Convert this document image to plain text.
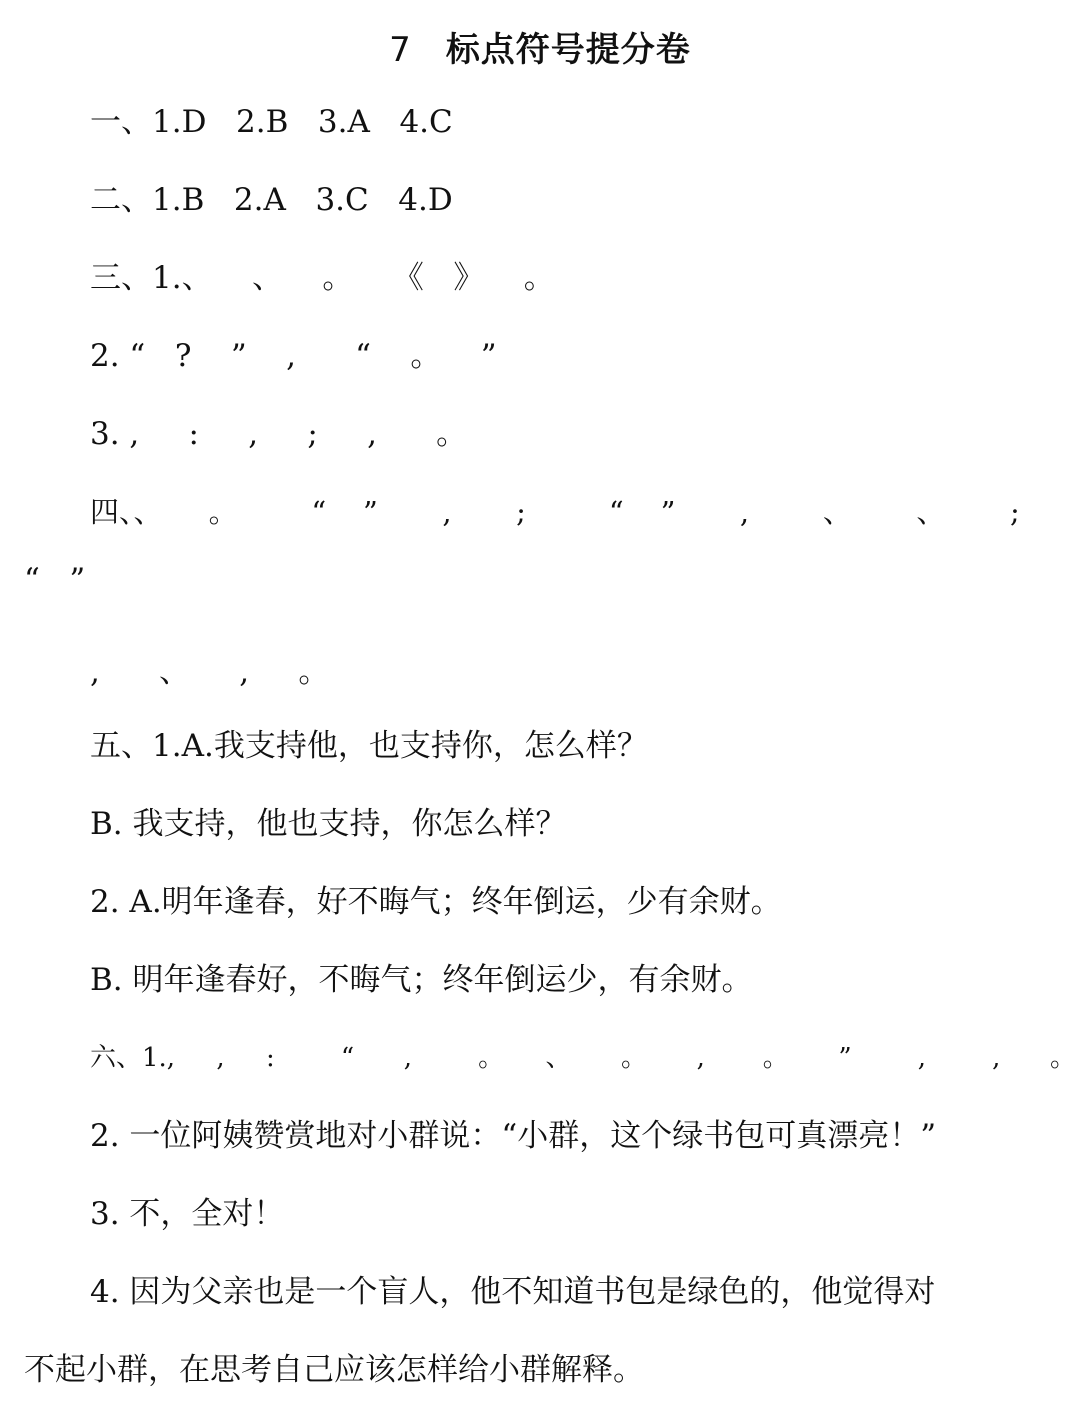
7 标点符号提分卷
一、1.D   2.B   3.A   4.C
二、1.B   2.A   3.C   4.D
三、1.、    、    。    《   》    。
2. “   ?    ”    ,      “    。    ”
3. ,     :     ,     ;     ,      。
四、、     。        “    ”       ,       ;         “    ”       ,        、       、       ;
“   ”
,      、     ,     。
五、1.A.我支持他，也支持你，怎么样？
B. 我支持，他也支持，你怎么样？
2. A.明年逢春，好不晦气；终年倒运，少有余财。
B. 明年逢春好，不晦气；终年倒运少，有余财。
六、1.,     ,     :        “      ,        。     、      。      ,       。      ”        ,        ,      。
2. 一位阿姨赞赏地对小群说：“小群，这个绿书包可真漂亮！”
3. 不，全对！
4. 因为父亲也是一个盲人，他不知道书包是绿色的，他觉得对
不起小群，在思考自己应该怎样给小群解释。
